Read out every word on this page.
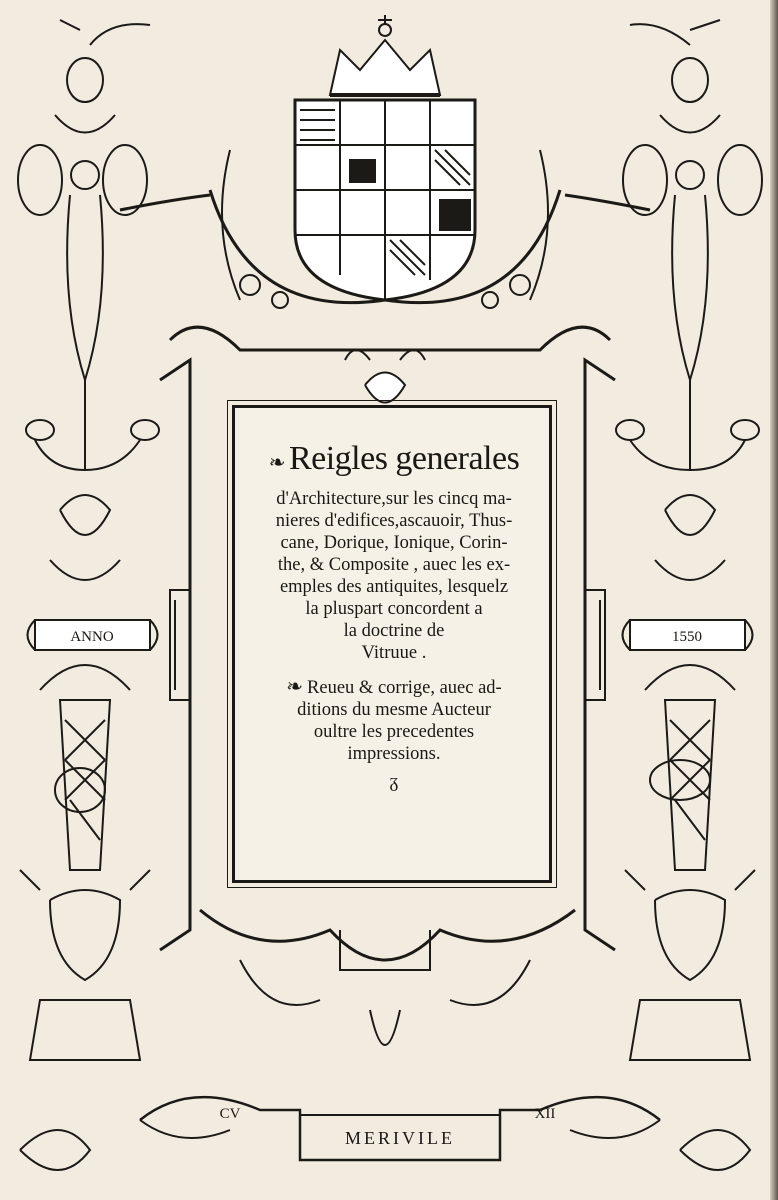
ANNO	1550
CV
MERIVILE
XII
❧ Reigles generales
d'Architecture,sur les cincq ma-
nieres d'edifices,ascauoir, Thus-
cane, Dorique, Ionique, Corin-
the, & Composite , auec les ex-
emples des antiquites, lesquelz
la pluspart concordent a
la doctrine de
Vitruue .
❧ Reueu & corrige, auec ad-
ditions du mesme Aucteur
oultre les precedentes
impressions.
ᵹ
